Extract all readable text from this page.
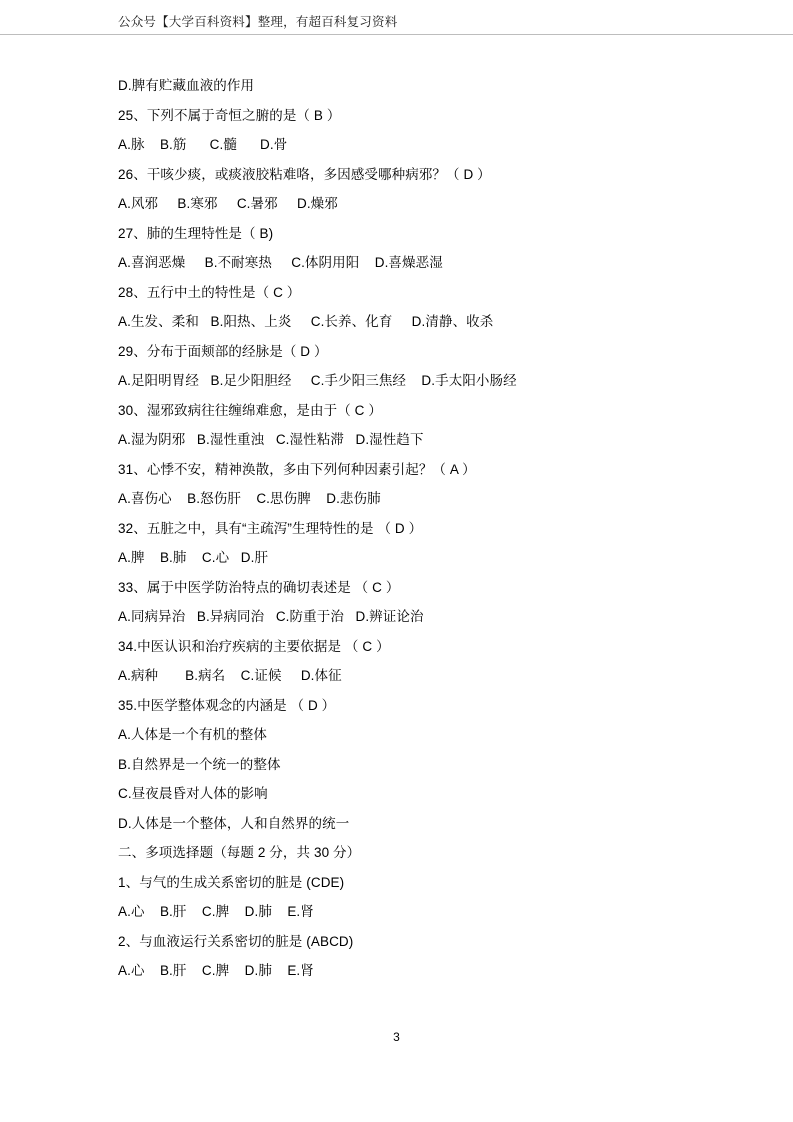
公众号【大学百科资料】整理，有超百科复习资料

D.脾有贮藏血液的作用

25、下列不属于奇恒之腑的是（ B ）

A.脉    B.筋      C.髓      D.骨

26、干咳少痰，或痰液胶粘难咯，多因感受哪种病邪？（ D ）

A.风邪     B.寒邪     C.暑邪     D.燥邪

27、肺的生理特性是（ B)

A.喜润恶燥     B.不耐寒热     C.体阴用阳    D.喜燥恶湿

28、五行中土的特性是（ C ）

A.生发、柔和   B.阳热、上炎     C.长养、化育     D.清静、收杀

29、分布于面颊部的经脉是（ D ）

A.足阳明胃经   B.足少阳胆经     C.手少阳三焦经    D.手太阳小肠经

30、湿邪致病往往缠绵难愈，是由于（ C ）

A.湿为阴邪   B.湿性重浊   C.湿性粘滞   D.湿性趋下

31、心悸不安，精神涣散，多由下列何种因素引起？（ A ）

A.喜伤心    B.怒伤肝    C.思伤脾    D.悲伤肺

32、五脏之中，具有“主疏泻”生理特性的是 （ D ）

A.脾    B.肺    C.心   D.肝

33、属于中医学防治特点的确切表述是 （ C ）

A.同病异治   B.异病同治   C.防重于治   D.辨证论治

34.中医认识和治疗疾病的主要依据是 （ C ）

A.病种       B.病名    C.证候     D.体征

35.中医学整体观念的内涵是 （ D ）

A.人体是一个有机的整体

B.自然界是一个统一的整体

C.昼夜晨昏对人体的影响

D.人体是一个整体，人和自然界的统一

二、多项选择题（每题 2 分，共 30 分）

1、与气的生成关系密切的脏是 (CDE)

A.心    B.肝    C.脾    D.肺    E.肾

2、与血液运行关系密切的脏是 (ABCD)

A.心    B.肝    C.脾    D.肺    E.肾

3
